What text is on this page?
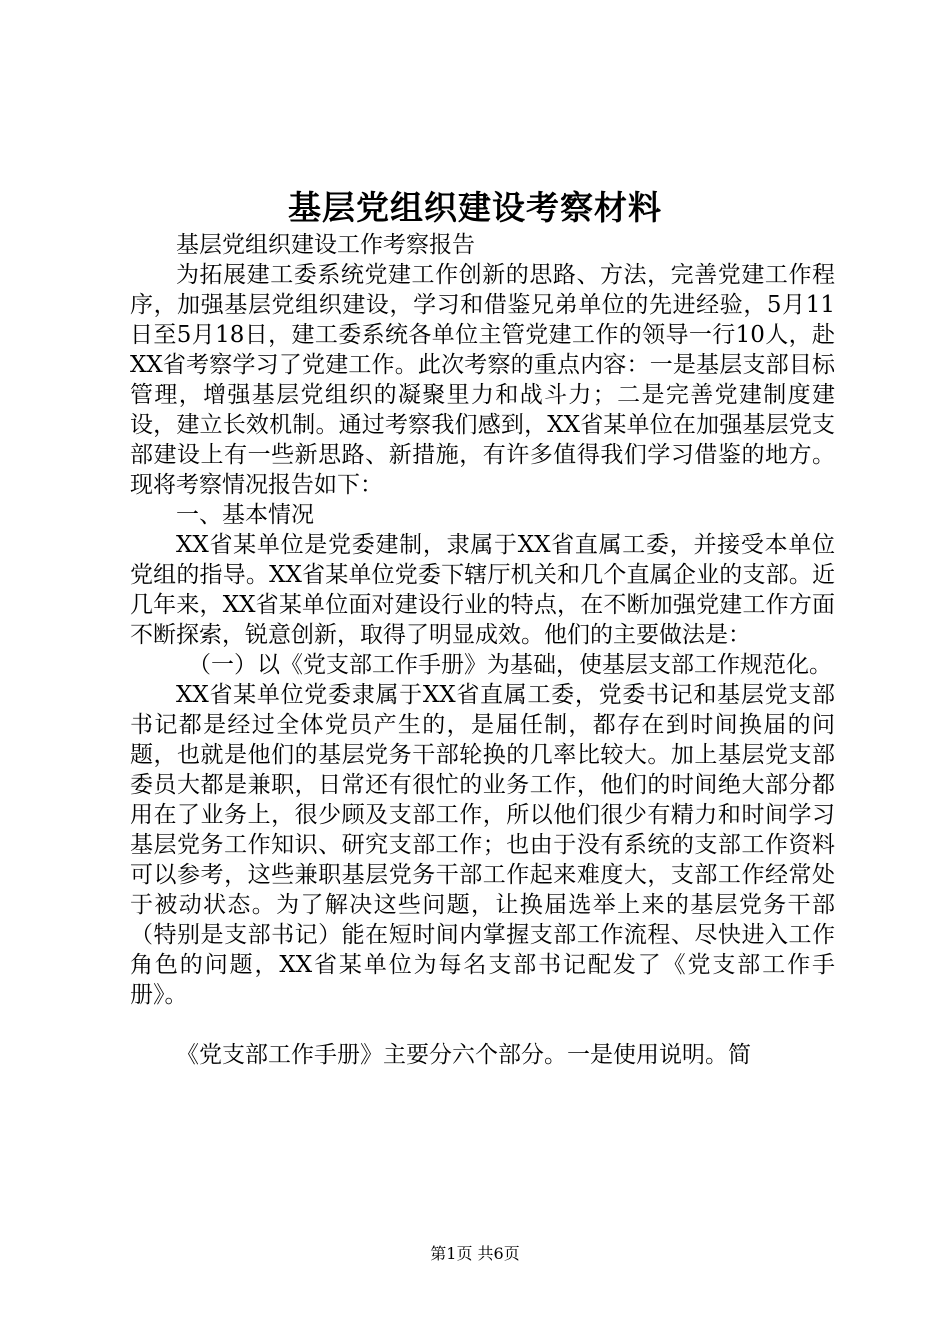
基层党组织建设考察材料

基层党组织建设工作考察报告

为拓展建工委系统党建工作创新的思路、方法，完善党建工作程序，加强基层党组织建设，学习和借鉴兄弟单位的先进经验，5月11日至5月18日，建工委系统各单位主管党建工作的领导一行10人，赴XX省考察学习了党建工作。此次考察的重点内容：一是基层支部目标管理，增强基层党组织的凝聚里力和战斗力；二是完善党建制度建设，建立长效机制。通过考察我们感到，XX省某单位在加强基层党支部建设上有一些新思路、新措施，有许多值得我们学习借鉴的地方。现将考察情况报告如下：

一、基本情况

XX省某单位是党委建制，隶属于XX省直属工委，并接受本单位党组的指导。XX省某单位党委下辖厅机关和几个直属企业的支部。近几年来，XX省某单位面对建设行业的特点，在不断加强党建工作方面不断探索，锐意创新，取得了明显成效。他们的主要做法是：

（一）以《党支部工作手册》为基础，使基层支部工作规范化。

XX省某单位党委隶属于XX省直属工委，党委书记和基层党支部书记都是经过全体党员产生的，是届任制，都存在到时间换届的问题，也就是他们的基层党务干部轮换的几率比较大。加上基层党支部委员大都是兼职，日常还有很忙的业务工作，他们的时间绝大部分都用在了业务上，很少顾及支部工作，所以他们很少有精力和时间学习基层党务工作知识、研究支部工作；也由于没有系统的支部工作资料可以参考，这些兼职基层党务干部工作起来难度大，支部工作经常处于被动状态。为了解决这些问题，让换届选举上来的基层党务干部（特别是支部书记）能在短时间内掌握支部工作流程、尽快进入工作角色的问题，XX省某单位为每名支部书记配发了《党支部工作手册》。

《党支部工作手册》主要分六个部分。一是使用说明。简

第1页 共6页
